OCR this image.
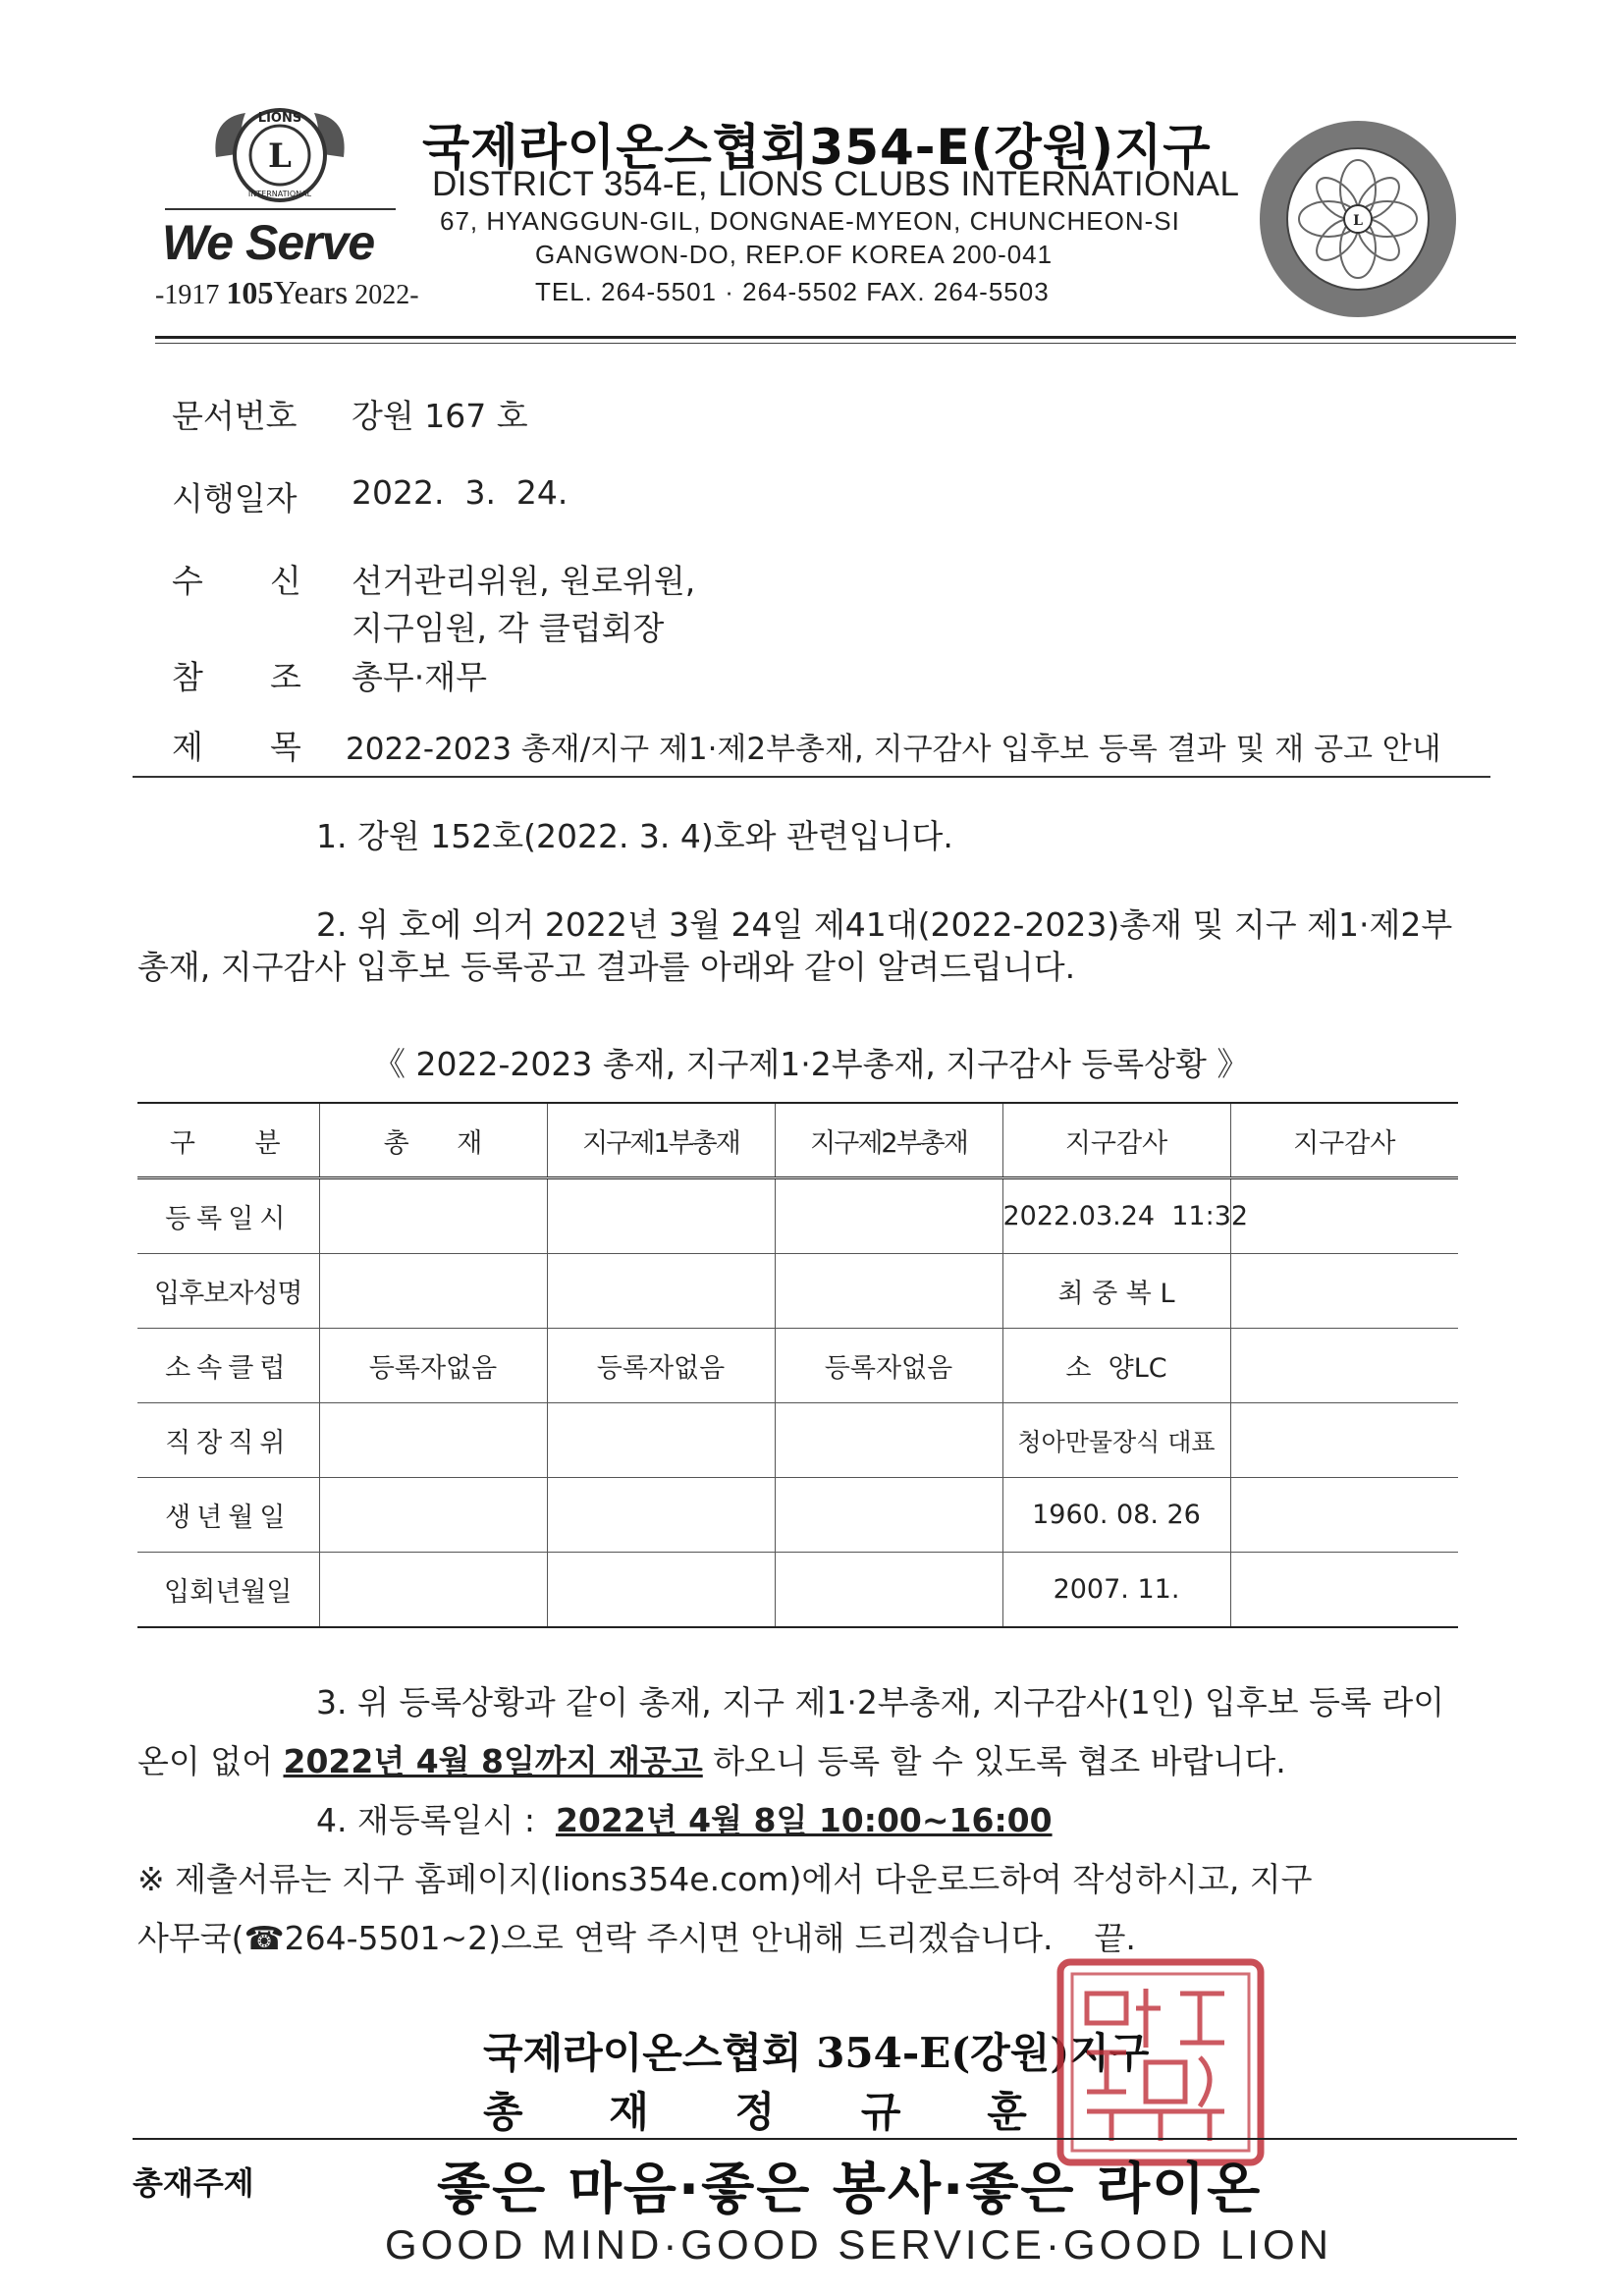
L
LIONS
INTERNATIONAL
We Serve
-1917 105Years 2022-
국제라이온스협회354-E(강원)지구
DISTRICT 354-E, LIONS CLUBS INTERNATIONAL
67, HYANGGUN-GIL, DONGNAE-MYEON, CHUNCHEON-SI
GANGWON-DO, REP.OF KOREA 200-041
TEL. 264-5501 · 264-5502 FAX. 264-5503
L
문서번호 강원 167 호
시행일자 2022.  3.  24.
수 신 선거관리위원, 원로위원,
지구임원, 각 클럽회장
참 조 총무·재무
제 목 2022-2023 총재/지구 제1·제2부총재, 지구감사 입후보 등록 결과 및 재 공고 안내
1. 강원 152호(2022. 3. 4)호와 관련입니다.
2. 위 호에 의거 2022년 3월 24일 제41대(2022-2023)총재 및 지구 제1·제2부
총재, 지구감사 입후보 등록공고 결과를 아래와 같이 알려드립니다.
《 2022-2023 총재, 지구제1·2부총재, 지구감사 등록상황 》
구 분	총 재	지구제1부총재	지구제2부총재	지구감사	지구감사
등록일시				2022.03.24  11:32	
입후보자성명				최 중 복 L	
소속클럽	등록자없음	등록자없음	등록자없음	소  양LC	
직장직위				청아만물장식 대표	
생년월일				1960. 08. 26	
입회년월일				2007. 11.	
3. 위 등록상황과 같이 총재, 지구 제1·2부총재, 지구감사(1인) 입후보 등록 라이
온이 없어 2022년 4월 8일까지 재공고 하오니 등록 할 수 있도록 협조 바랍니다.
4. 재등록일시 :  2022년 4월 8일 10:00~16:00
※ 제출서류는 지구 홈페이지(lions354e.com)에서 다운로드하여 작성하시고, 지구
사무국(☎264-5501~2)으로 연락 주시면 안내해 드리겠습니다.    끝.
국제라이온스협회 354-E(강원)지구
총      재      정      규      훈
총재주제	좋은 마음·좋은 봉사·좋은 라이온
GOOD MIND·GOOD SERVICE·GOOD LION
